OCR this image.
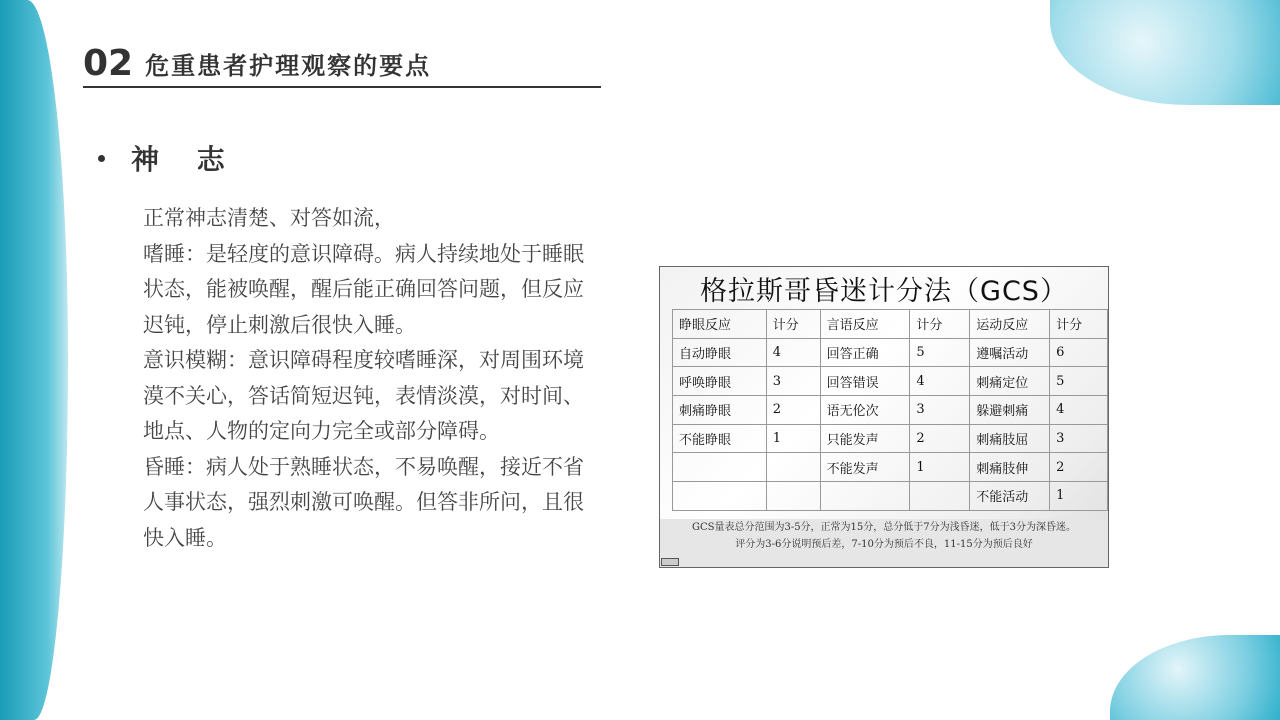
02 危重患者护理观察的要点
神 志

正常神志清楚、对答如流，

嗜睡：是轻度的意识障碍。病人持续地处于睡眠状态，能被唤醒，醒后能正确回答问题，但反应迟钝，停止刺激后很快入睡。

意识模糊：意识障碍程度较嗜睡深，对周围环境漠不关心，答话简短迟钝，表情淡漠，对时间、地点、人物的定向力完全或部分障碍。

昏睡：病人处于熟睡状态，不易唤醒，接近不省人事状态，强烈刺激可唤醒。但答非所问，且很快入睡。

格拉斯哥昏迷计分法（GCS）
睁眼反应	计分	言语反应	计分	运动反应	计分
自动睁眼	4	回答正确	5	遵嘱活动	6
呼唤睁眼	3	回答错误	4	刺痛定位	5
刺痛睁眼	2	语无伦次	3	躲避刺痛	4
不能睁眼	1	只能发声	2	刺痛肢屈	3
		不能发声	1	刺痛肢伸	2
				不能活动	1
GCS量表总分范围为3-5分，正常为15分，总分低于7分为浅昏迷，低于3分为深昏迷。
评分为3-6分说明预后差，7-10分为预后不良，11-15分为预后良好
